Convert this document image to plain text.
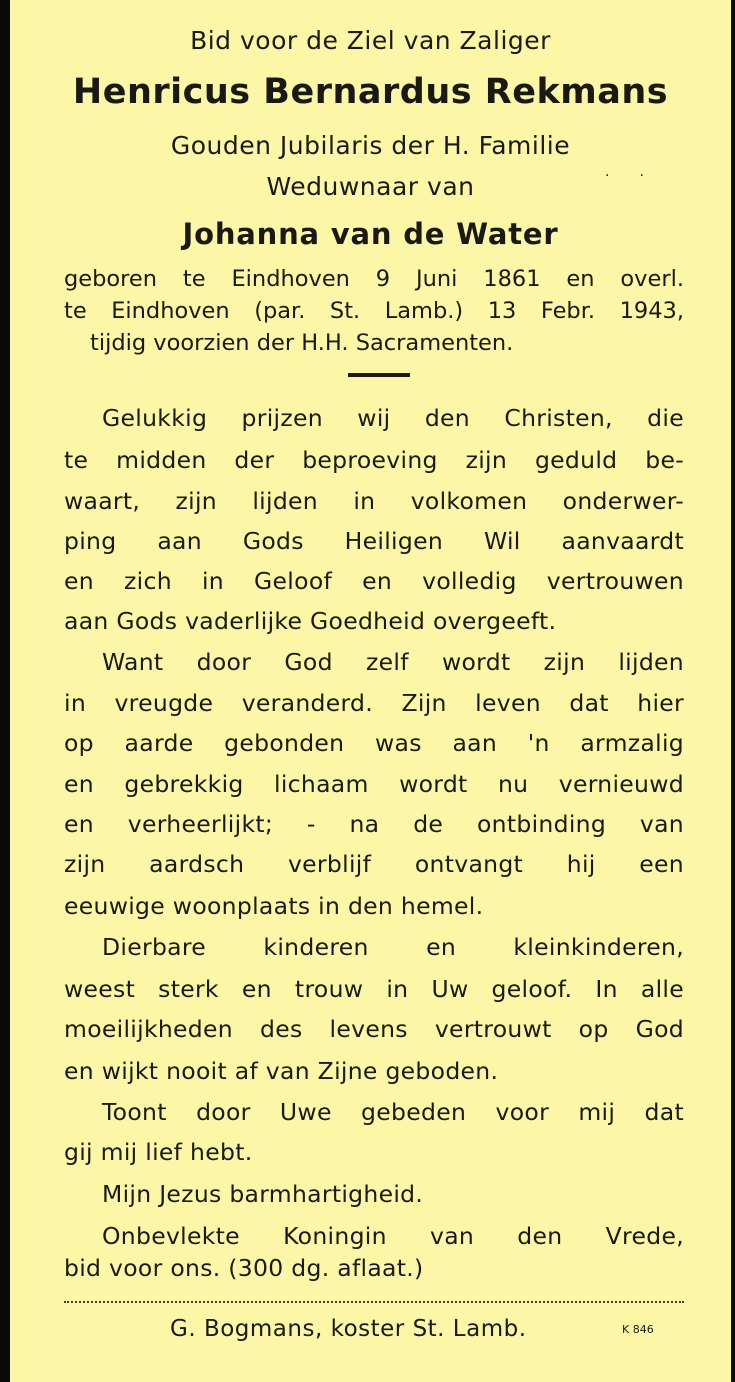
Bid voor de Ziel van Zaliger
Henricus Bernardus Rekmans
Gouden Jubilaris der H. Familie
Weduwnaar van	··
Johanna van de Water
geboren te Eindhoven 9 Juni 1861 en overl.
te Eindhoven (par. St. Lamb.) 13 Febr. 1943,
tijdig voorzien der H.H. Sacramenten.
Gelukkig prijzen wij den Christen, die
te midden der beproeving zijn geduld be-
waart, zijn lijden in volkomen onderwer-
ping aan Gods Heiligen Wil aanvaardt
en zich in Geloof en volledig vertrouwen
aan Gods vaderlijke Goedheid overgeeft.
Want door God zelf wordt zijn lijden
in vreugde veranderd. Zijn leven dat hier
op aarde gebonden was aan 'n armzalig
en gebrekkig lichaam wordt nu vernieuwd
en verheerlijkt; - na de ontbinding van
zijn aardsch verblijf ontvangt hij een
eeuwige woonplaats in den hemel.
Dierbare kinderen en kleinkinderen,
weest sterk en trouw in Uw geloof. In alle
moeilijkheden des levens vertrouwt op God
en wijkt nooit af van Zijne geboden.
Toont door Uwe gebeden voor mij dat
gij mij lief hebt.
Mijn Jezus barmhartigheid.
Onbevlekte Koningin van den Vrede,
bid voor ons. (300 dg. aflaat.)
G. Bogmans, koster St. Lamb.	K 846
